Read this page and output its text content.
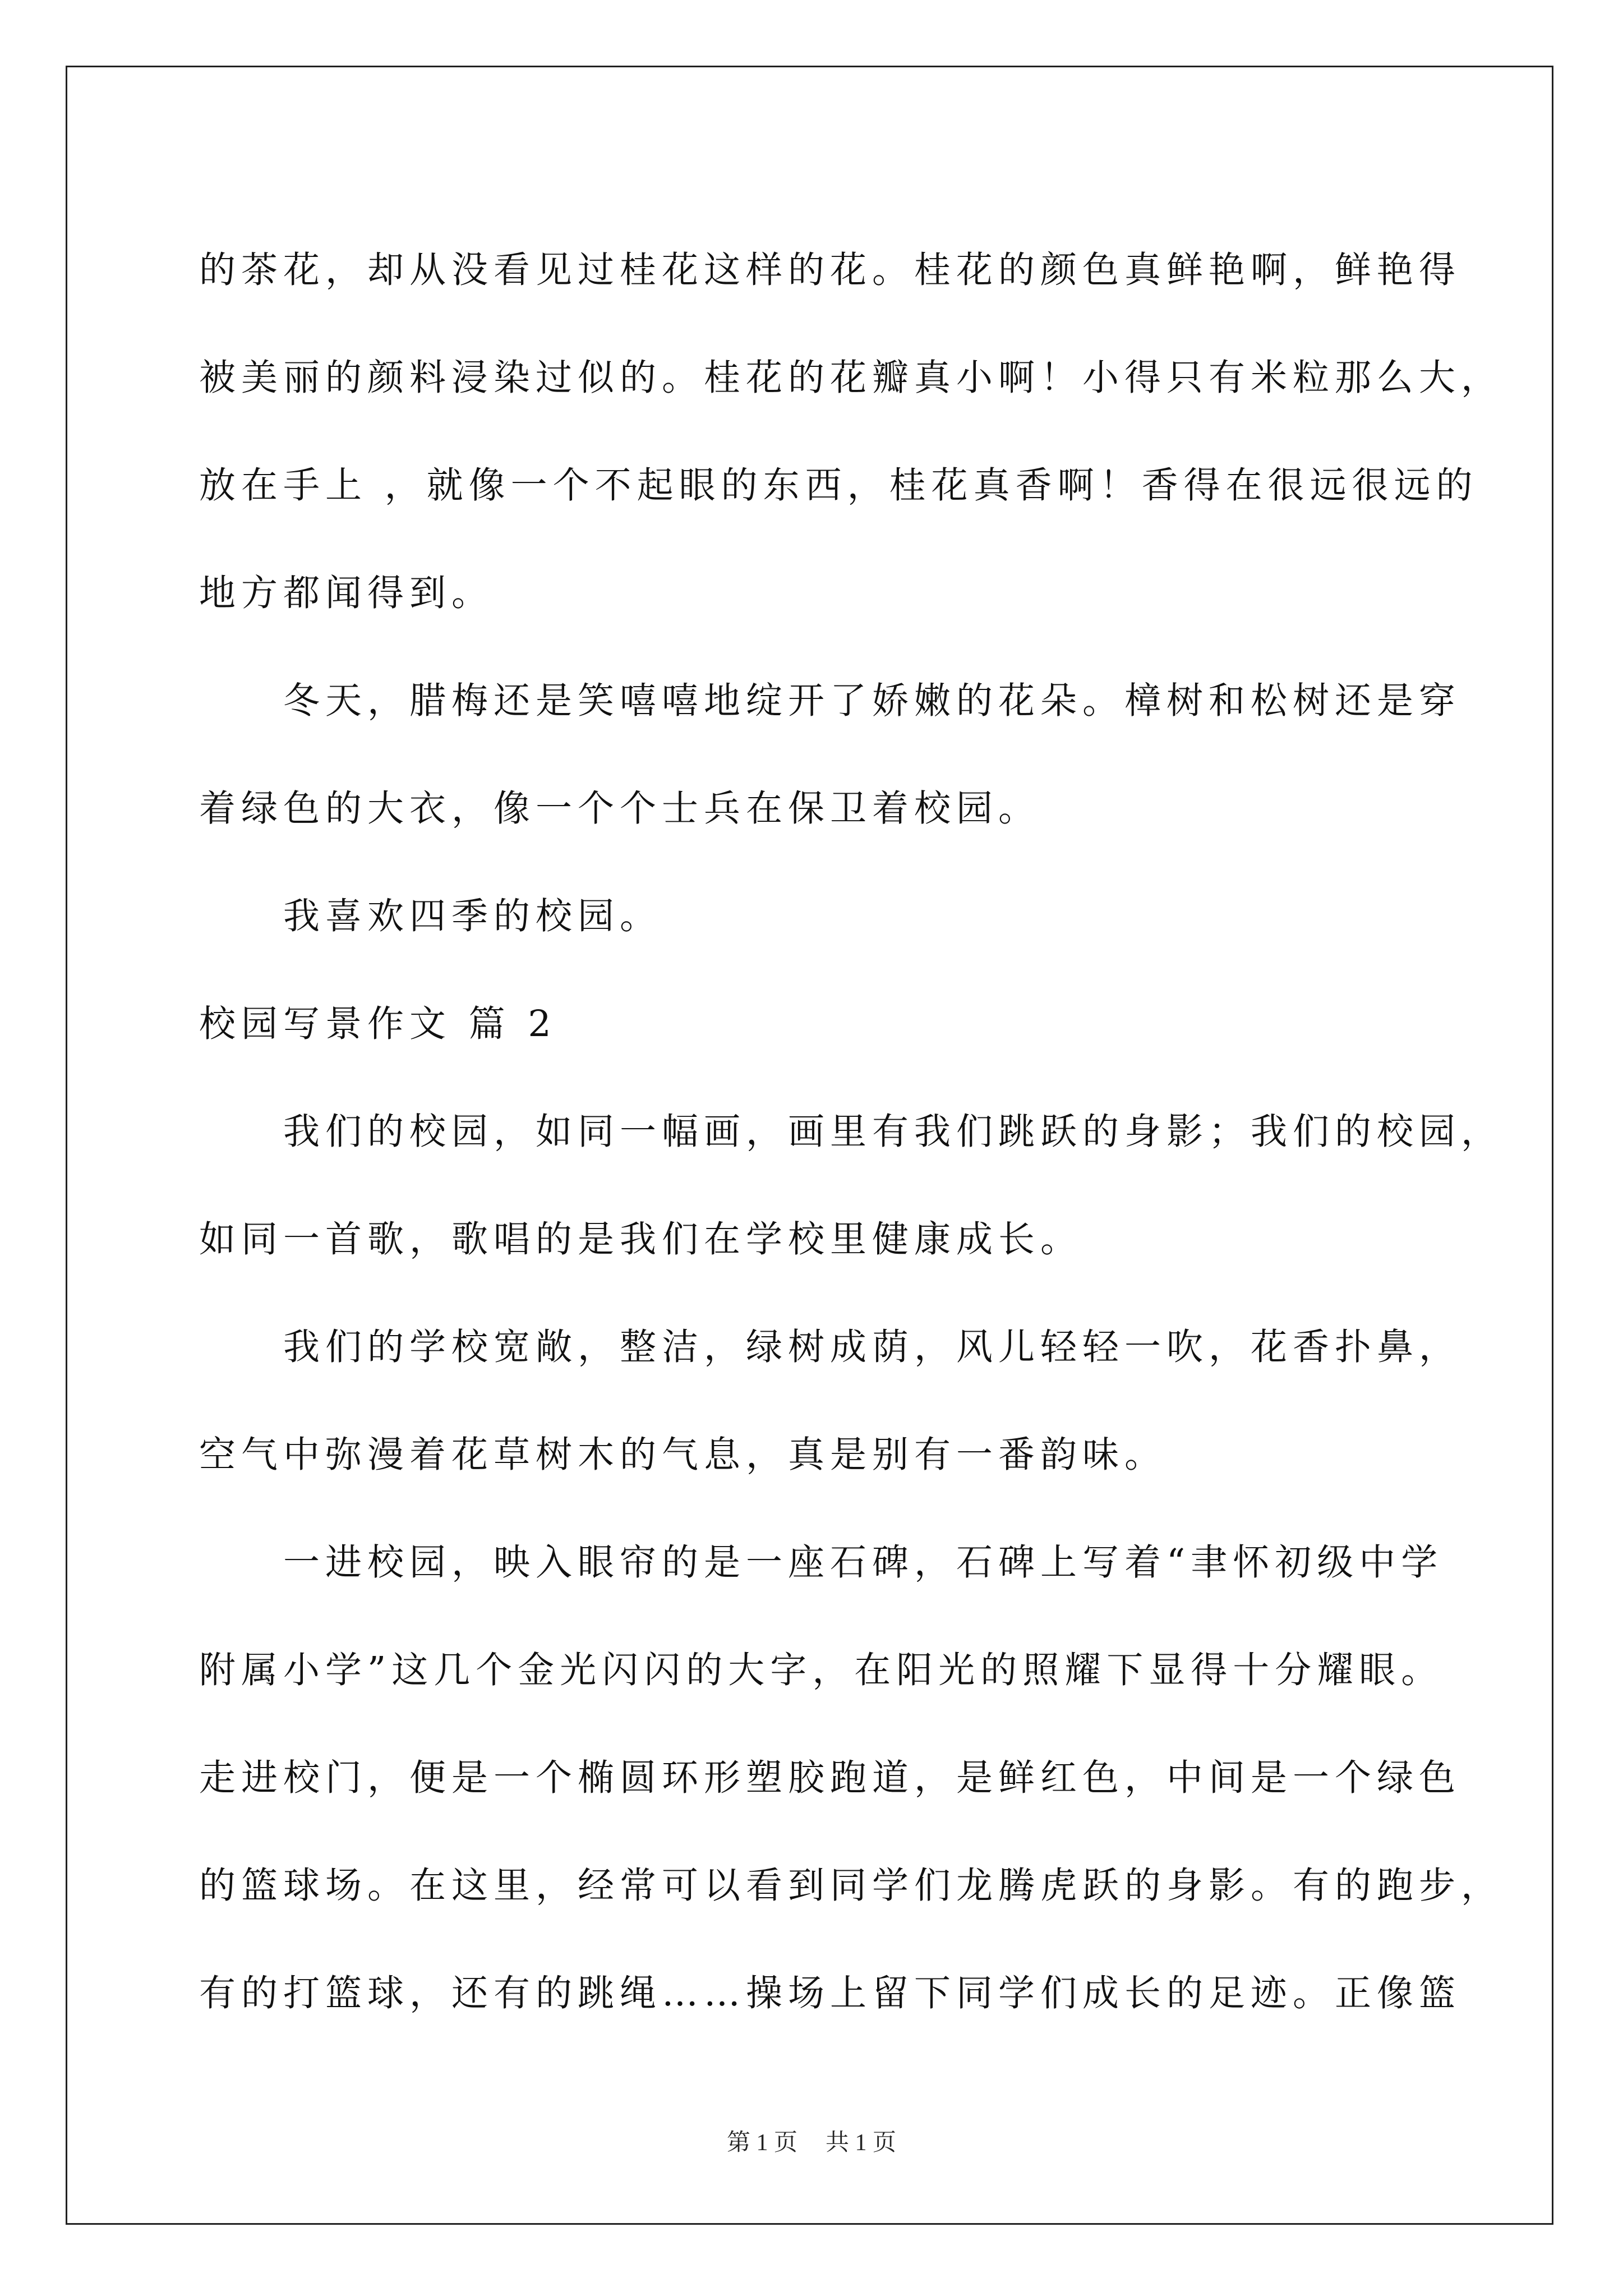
的茶花，却从没看见过桂花这样的花。桂花的颜色真鲜艳啊，鲜艳得
被美丽的颜料浸染过似的。桂花的花瓣真小啊！小得只有米粒那么大，
放在手上 ，就像一个不起眼的东西，桂花真香啊！香得在很远很远的
地方都闻得到。
冬天，腊梅还是笑嘻嘻地绽开了娇嫩的花朵。樟树和松树还是穿
着绿色的大衣，像一个个士兵在保卫着校园。
我喜欢四季的校园。
校园写景作文 篇 2
我们的校园，如同一幅画，画里有我们跳跃的身影；我们的校园，
如同一首歌，歌唱的是我们在学校里健康成长。
我们的学校宽敞，整洁，绿树成荫，风儿轻轻一吹，花香扑鼻，
空气中弥漫着花草树木的气息，真是别有一番韵味。
一进校园，映入眼帘的是一座石碑，石碑上写着“聿怀初级中学
附属小学”这几个金光闪闪的大字，在阳光的照耀下显得十分耀眼。
走进校门，便是一个椭圆环形塑胶跑道，是鲜红色，中间是一个绿色
的篮球场。在这里，经常可以看到同学们龙腾虎跃的身影。有的跑步，
有的打篮球，还有的跳绳……操场上留下同学们成长的足迹。正像篮
第 1 页 共 1 页
